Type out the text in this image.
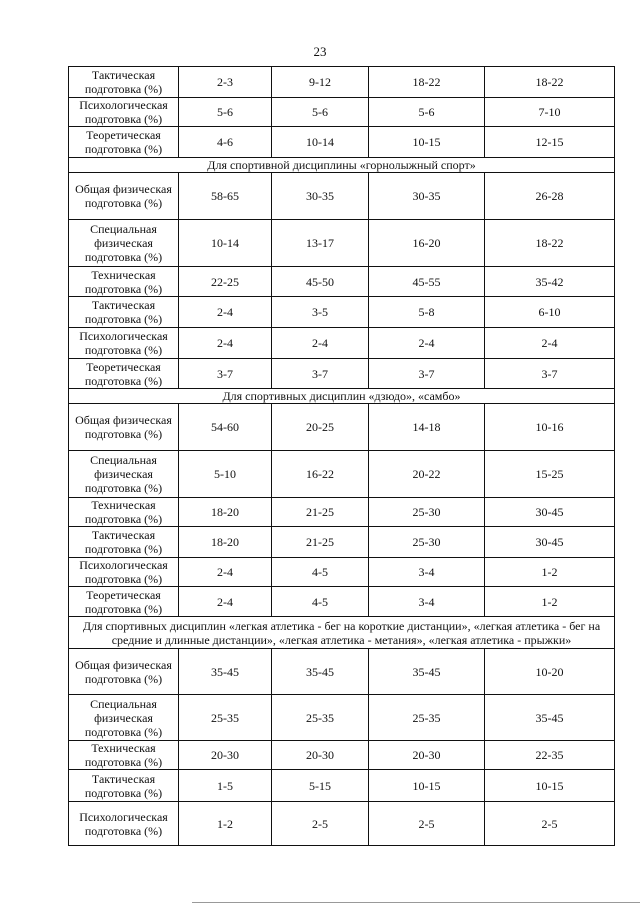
23
Тактическая подготовка (%)	2-3	9-12	18-22	18-22
Психологическая подготовка (%)	5-6	5-6	5-6	7-10
Теоретическая подготовка (%)	4-6	10-14	10-15	12-15
Для спортивной дисциплины «горнолыжный спорт»				
Общая физическая подготовка (%)	58-65	30-35	30-35	26-28
Специальная физическая подготовка (%)	10-14	13-17	16-20	18-22
Техническая подготовка (%)	22-25	45-50	45-55	35-42
Тактическая подготовка (%)	2-4	3-5	5-8	6-10
Психологическая подготовка (%)	2-4	2-4	2-4	2-4
Теоретическая подготовка (%)	3-7	3-7	3-7	3-7
Для спортивных дисциплин «дзюдо», «самбо»				
Общая физическая подготовка (%)	54-60	20-25	14-18	10-16
Специальная физическая подготовка (%)	5-10	16-22	20-22	15-25
Техническая подготовка (%)	18-20	21-25	25-30	30-45
Тактическая подготовка (%)	18-20	21-25	25-30	30-45
Психологическая подготовка (%)	2-4	4-5	3-4	1-2
Теоретическая подготовка (%)	2-4	4-5	3-4	1-2
Для спортивных дисциплин «легкая атлетика - бег на короткие дистанции», «легкая атлетика - бег на средние и длинные дистанции», «легкая атлетика - метания», «легкая атлетика - прыжки»				
Общая физическая подготовка (%)	35-45	35-45	35-45	10-20
Специальная физическая подготовка (%)	25-35	25-35	25-35	35-45
Техническая подготовка (%)	20-30	20-30	20-30	22-35
Тактическая подготовка (%)	1-5	5-15	10-15	10-15
Психологическая подготовка (%)	1-2	2-5	2-5	2-5
